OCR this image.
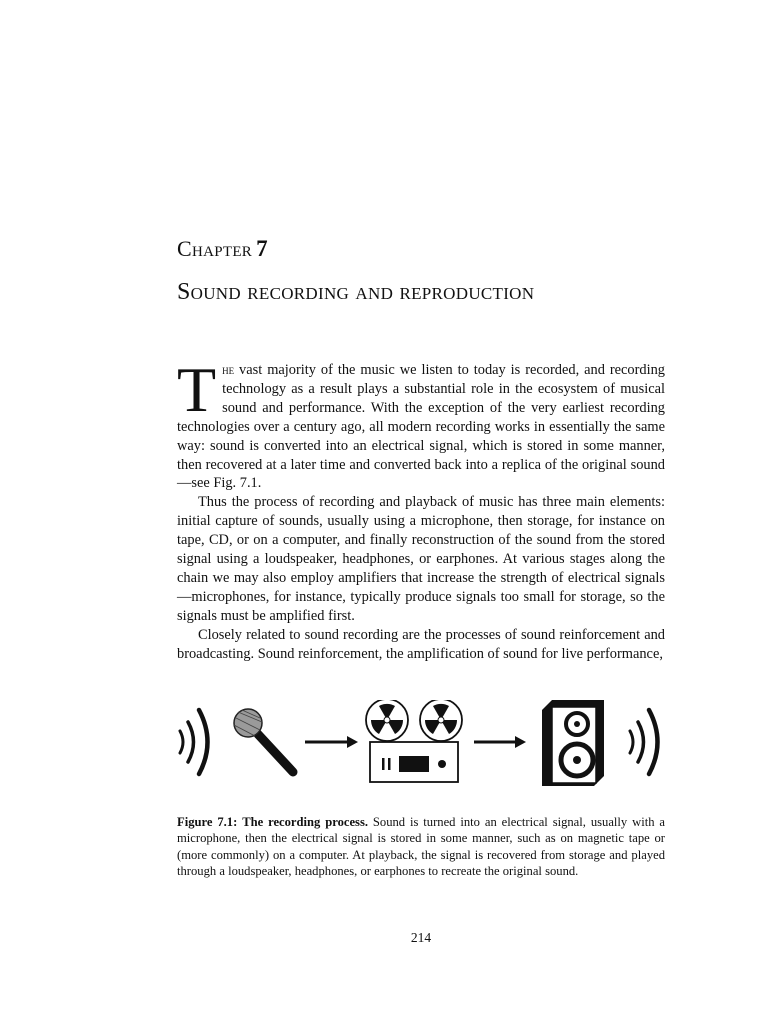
Chapter 7
Sound recording and reproduction

The vast majority of the music we listen to today is recorded, and recording technology as a result plays a substantial role in the ecosystem of musical sound and performance. With the exception of the very earliest recording technologies over a century ago, all modern recording works in essentially the same way: sound is converted into an electrical signal, which is stored in some manner, then recovered at a later time and converted back into a replica of the original sound—see Fig. 7.1.

Thus the process of recording and playback of music has three main elements: initial capture of sounds, usually using a microphone, then storage, for instance on tape, CD, or on a computer, and finally reconstruction of the sound from the stored signal using a loudspeaker, headphones, or earphones. At various stages along the chain we may also employ amplifiers that increase the strength of electrical signals—microphones, for instance, typically produce signals too small for storage, so the signals must be amplified first.

Closely related to sound recording are the processes of sound reinforcement and broadcasting. Sound reinforcement, the amplification of sound for live performance,

Figure 7.1: The recording process. Sound is turned into an electrical signal, usually with a microphone, then the electrical signal is stored in some manner, such as on magnetic tape or (more commonly) on a computer. At playback, the signal is recovered from storage and played through a loudspeaker, headphones, or earphones to recreate the original sound.
214
